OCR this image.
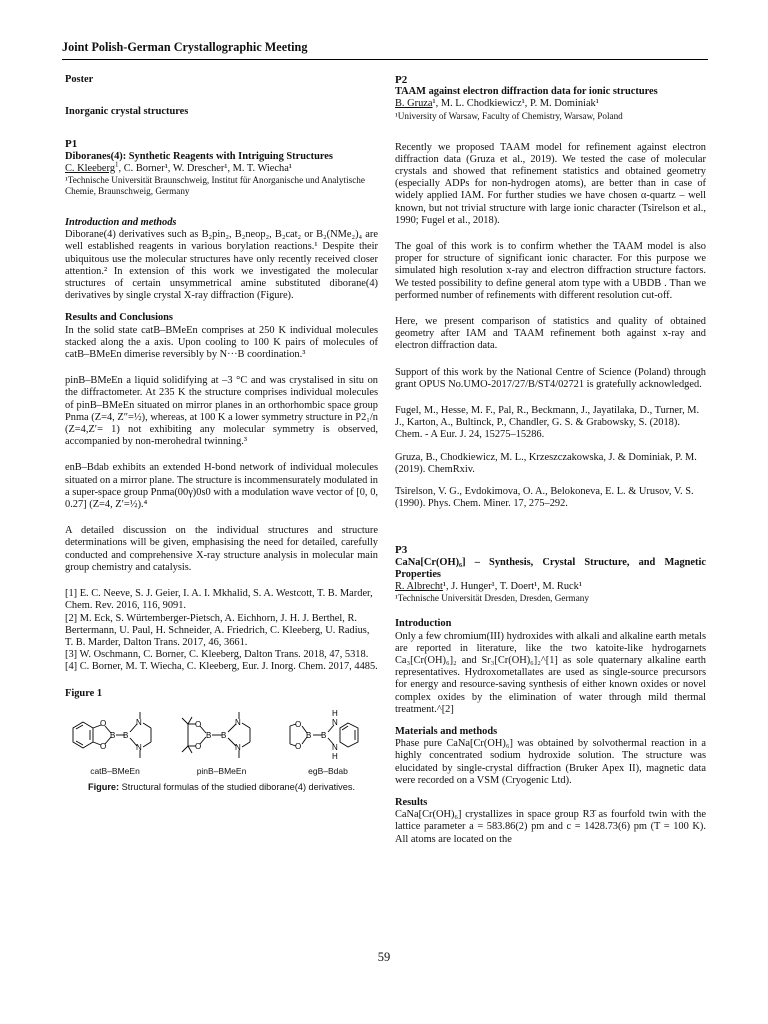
Joint Polish-German Crystallographic Meeting

Poster

Inorganic crystal structures

P1

Diboranes(4): Synthetic Reagents with Intriguing Structures

C. Kleeberg$^1$, C. Borner¹, W. Drescher¹, M. T. Wiecha¹

¹Technische Universität Braunschweig, Institut für Anorganische und Analytische Chemie, Braunschweig, Germany

Introduction and methods

Diborane(4) derivatives such as B₂pin₂, B₂neop₂, B₂cat₂ or B₂(NMe₂)₄ are well established reagents in various borylation reactions.¹ Despite their ubiquitous use the molecular structures have only recently received closer attention.² In extension of this work we investigated the molecular structures of certain unsymmetrical amine substituted diborane(4) derivatives by single crystal X-ray diffraction (Figure).

Results and Conclusions

In the solid state catB–BMeEn comprises at 250 K individual molecules stacked along the a axis. Upon cooling to 100 K pairs of molecules of catB–BMeEn dimerise reversibly by N···B coordination.³

pinB–BMeEn a liquid solidifying at –3 °C and was crystalised in situ on the diffractometer. At 235 K the structure comprises individual molecules of pinB–BMeEn situated on mirror planes in an orthorhombic space group Pnma (Z=4, Z″=½), whereas, at 100 K a lower symmetry structure in P2₁/n (Z=4,Z′= 1) not exhibiting any molecular symmetry is observed, accompanied by non-merohedral twinning.³

enB–Bdab exhibits an extended H-bond network of individual molecules situated on a mirror plane. The structure is incommensurately modulated in a super-space group Pnma(00γ)0s0 with a modulation wave vector of [0, 0, 0.27] (Z=4, Z′=½).⁴

A detailed discussion on the individual structures and structure determinations will be given, emphasising the need for detailed, carefully conducted and comprehensive X-ray structure analysis in molecular main group chemistry and catalysis.

[1] E. C. Neeve, S. J. Geier, I. A. I. Mkhalid, S. A. Westcott, T. B. Marder, Chem. Rev. 2016, 116, 9091.

[2] M. Eck, S. Würtemberger-Pietsch, A. Eichhorn, J. H. J. Berthel, R. Bertermann, U. Paul, H. Schneider, A. Friedrich, C. Kleeberg, U. Radius, T. B. Marder, Dalton Trans. 2017, 46, 3661.

[3] W. Oschmann, C. Borner, C. Kleeberg, Dalton Trans. 2018, 47, 5318.

[4] C. Borner, M. T. Wiecha, C. Kleeberg, Eur. J. Inorg. Chem. 2017, 4485.

Figure 1

O
O
B B
N
N
catB–BMeEn
O
O
B B
N
N
pinB–BMeEn
O
O
B B
N
N
H
H
egB–Bdab

Figure: Structural formulas of the studied diborane(4) derivatives.

P2

TAAM against electron diffraction data for ionic structures

B. Gruza¹, M. L. Chodkiewicz¹, P. M. Dominiak¹

¹University of Warsaw, Faculty of Chemistry, Warsaw, Poland

Recently we proposed TAAM model for refinement against electron diffraction data (Gruza et al., 2019). We tested the case of molecular crystals and showed that refinement statistics and obtained geometry (especially ADPs for non-hydrogen atoms), are better than in case of widely applied IAM. For further studies we have chosen α-quartz – well known, but not trivial structure with large ionic character (Tsirelson et al., 1990; Fugel et al., 2018).

The goal of this work is to confirm whether the TAAM model is also proper for structure of significant ionic character. For this purpose we simulated high resolution x-ray and electron diffraction structure factors. We tested possibility to define general atom type with a UBDB . Than we performed number of refinements with different resolution cut-off.

Here, we present comparison of statistics and quality of obtained geometry after IAM and TAAM refinement both against x-ray and electron diffraction data.

Support of this work by the National Centre of Science (Poland) through grant OPUS No.UMO-2017/27/B/ST4/02721 is gratefully acknowledged.

Fugel, M., Hesse, M. F., Pal, R., Beckmann, J., Jayatilaka, D., Turner, M. J., Karton, A., Bultinck, P., Chandler, G. S. & Grabowsky, S. (2018). Chem. - A Eur. J. 24, 15275–15286.

Gruza, B., Chodkiewicz, M. L., Krzeszczakowska, J. & Dominiak, P. M. (2019). ChemRxiv.

Tsirelson, V. G., Evdokimova, O. A., Belokoneva, E. L. & Urusov, V. S. (1990). Phys. Chem. Miner. 17, 275–292.

P3

CaNa[Cr(OH)₆] – Synthesis, Crystal Structure, and Magnetic Properties

R. Albrecht¹, J. Hunger¹, T. Doert¹, M. Ruck¹

¹Technische Universität Dresden, Dresden, Germany

Introduction

Only a few chromium(III) hydroxides with alkali and alkaline earth metals are reported in literature, like the two katoite-like hydrogarnets Ca₃[Cr(OH)₆]₂ and Sr₃[Cr(OH)₆]₂^[1] as sole quaternary alkaline earth representatives. Hydroxometallates are used as single-source precursors for energy and resource-saving synthesis of either known oxides or novel complex oxides by the elimination of water through mild thermal treatment.^[2]

Materials and methods

Phase pure CaNa[Cr(OH)₆] was obtained by solvothermal reaction in a highly concentrated sodium hydroxide solution. The structure was elucidated by single-crystal diffraction (Bruker Apex II), magnetic data were recorded on a VSM (Cryogenic Ltd).

Results

CaNa[Cr(OH)₆] crystallizes in space group R3̄ as fourfold twin with the lattice parameter a = 583.86(2) pm and c = 1428.73(6) pm (T = 100 K). All atoms are located on the

59
